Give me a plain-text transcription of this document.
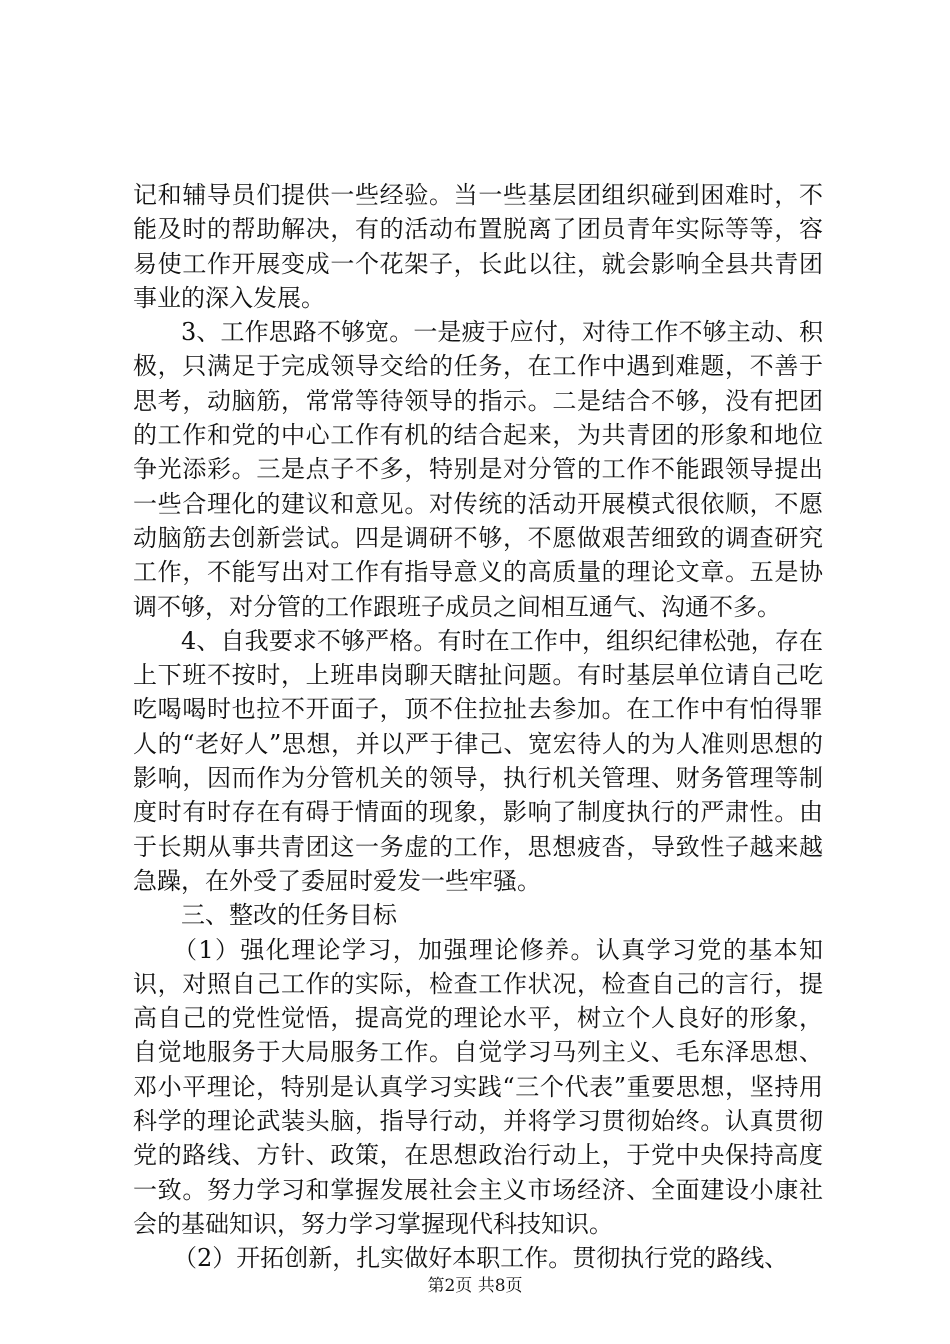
记和辅导员们提供一些经验。当一些基层团组织碰到困难时，不能及时的帮助解决，有的活动布置脱离了团员青年实际等等，容易使工作开展变成一个花架子，长此以往，就会影响全县共青团事业的深入发展。

3、工作思路不够宽。一是疲于应付，对待工作不够主动、积极，只满足于完成领导交给的任务，在工作中遇到难题，不善于思考，动脑筋，常常等待领导的指示。二是结合不够，没有把团的工作和党的中心工作有机的结合起来，为共青团的形象和地位争光添彩。三是点子不多，特别是对分管的工作不能跟领导提出一些合理化的建议和意见。对传统的活动开展模式很依顺，不愿动脑筋去创新尝试。四是调研不够，不愿做艰苦细致的调查研究工作，不能写出对工作有指导意义的高质量的理论文章。五是协调不够，对分管的工作跟班子成员之间相互通气、沟通不多。

4、自我要求不够严格。有时在工作中，组织纪律松弛，存在上下班不按时，上班串岗聊天瞎扯问题。有时基层单位请自己吃吃喝喝时也拉不开面子，顶不住拉扯去参加。在工作中有怕得罪人的“老好人”思想，并以严于律己、宽宏待人的为人准则思想的影响，因而作为分管机关的领导，执行机关管理、财务管理等制度时有时存在有碍于情面的现象，影响了制度执行的严肃性。由于长期从事共青团这一务虚的工作，思想疲沓，导致性子越来越急躁，在外受了委屈时爱发一些牢骚。

三、整改的任务目标

（1）强化理论学习，加强理论修养。认真学习党的基本知识，对照自己工作的实际，检查工作状况，检查自己的言行，提高自己的党性觉悟，提高党的理论水平，树立个人良好的形象，自觉地服务于大局服务工作。自觉学习马列主义、毛东泽思想、邓小平理论，特别是认真学习实践“三个代表”重要思想，坚持用科学的理论武装头脑，指导行动，并将学习贯彻始终。认真贯彻党的路线、方针、政策，在思想政治行动上，于党中央保持高度一致。努力学习和掌握发展社会主义市场经济、全面建设小康社会的基础知识，努力学习掌握现代科技知识。

（2）开拓创新，扎实做好本职工作。贯彻执行党的路线、

第2页 共8页
